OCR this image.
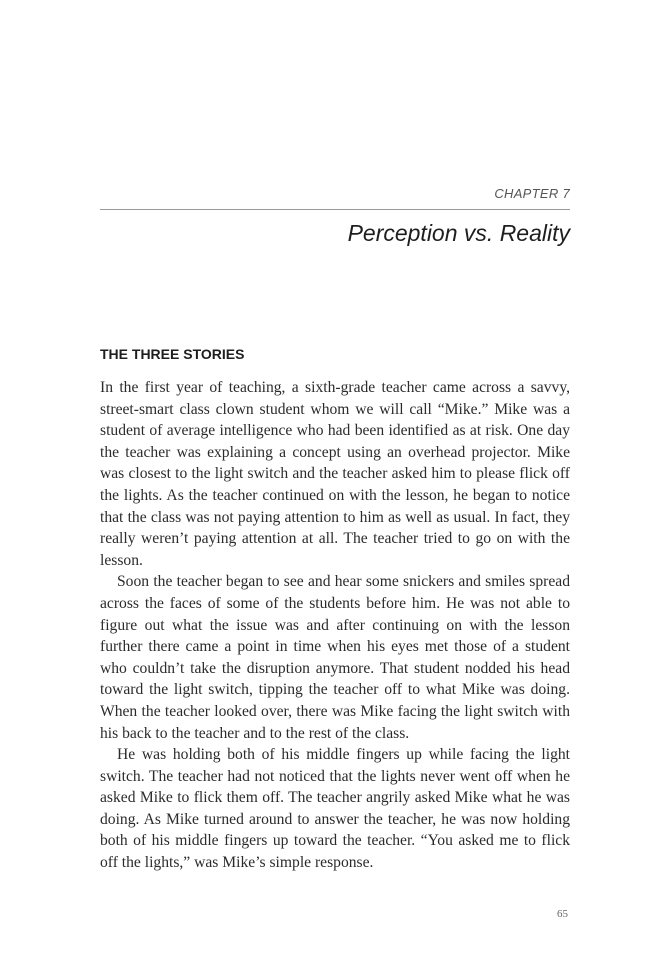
CHAPTER 7
Perception vs. Reality
THE THREE STORIES

In the first year of teaching, a sixth-grade teacher came across a savvy, street-smart class clown student whom we will call “Mike.” Mike was a student of average intelligence who had been identified as at risk. One day the teacher was explaining a concept using an overhead projector. Mike was closest to the light switch and the teacher asked him to please flick off the lights. As the teacher continued on with the lesson, he began to notice that the class was not paying attention to him as well as usual. In fact, they really weren’t paying attention at all. The teacher tried to go on with the lesson.

Soon the teacher began to see and hear some snickers and smiles spread across the faces of some of the students before him. He was not able to figure out what the issue was and after continuing on with the lesson further there came a point in time when his eyes met those of a student who couldn’t take the disruption anymore. That student nodded his head toward the light switch, tipping the teacher off to what Mike was doing. When the teacher looked over, there was Mike facing the light switch with his back to the teacher and to the rest of the class.

He was holding both of his middle fingers up while facing the light switch. The teacher had not noticed that the lights never went off when he asked Mike to flick them off. The teacher angrily asked Mike what he was doing. As Mike turned around to answer the teacher, he was now holding both of his middle fingers up toward the teacher. “You asked me to flick off the lights,” was Mike’s simple response.

65
